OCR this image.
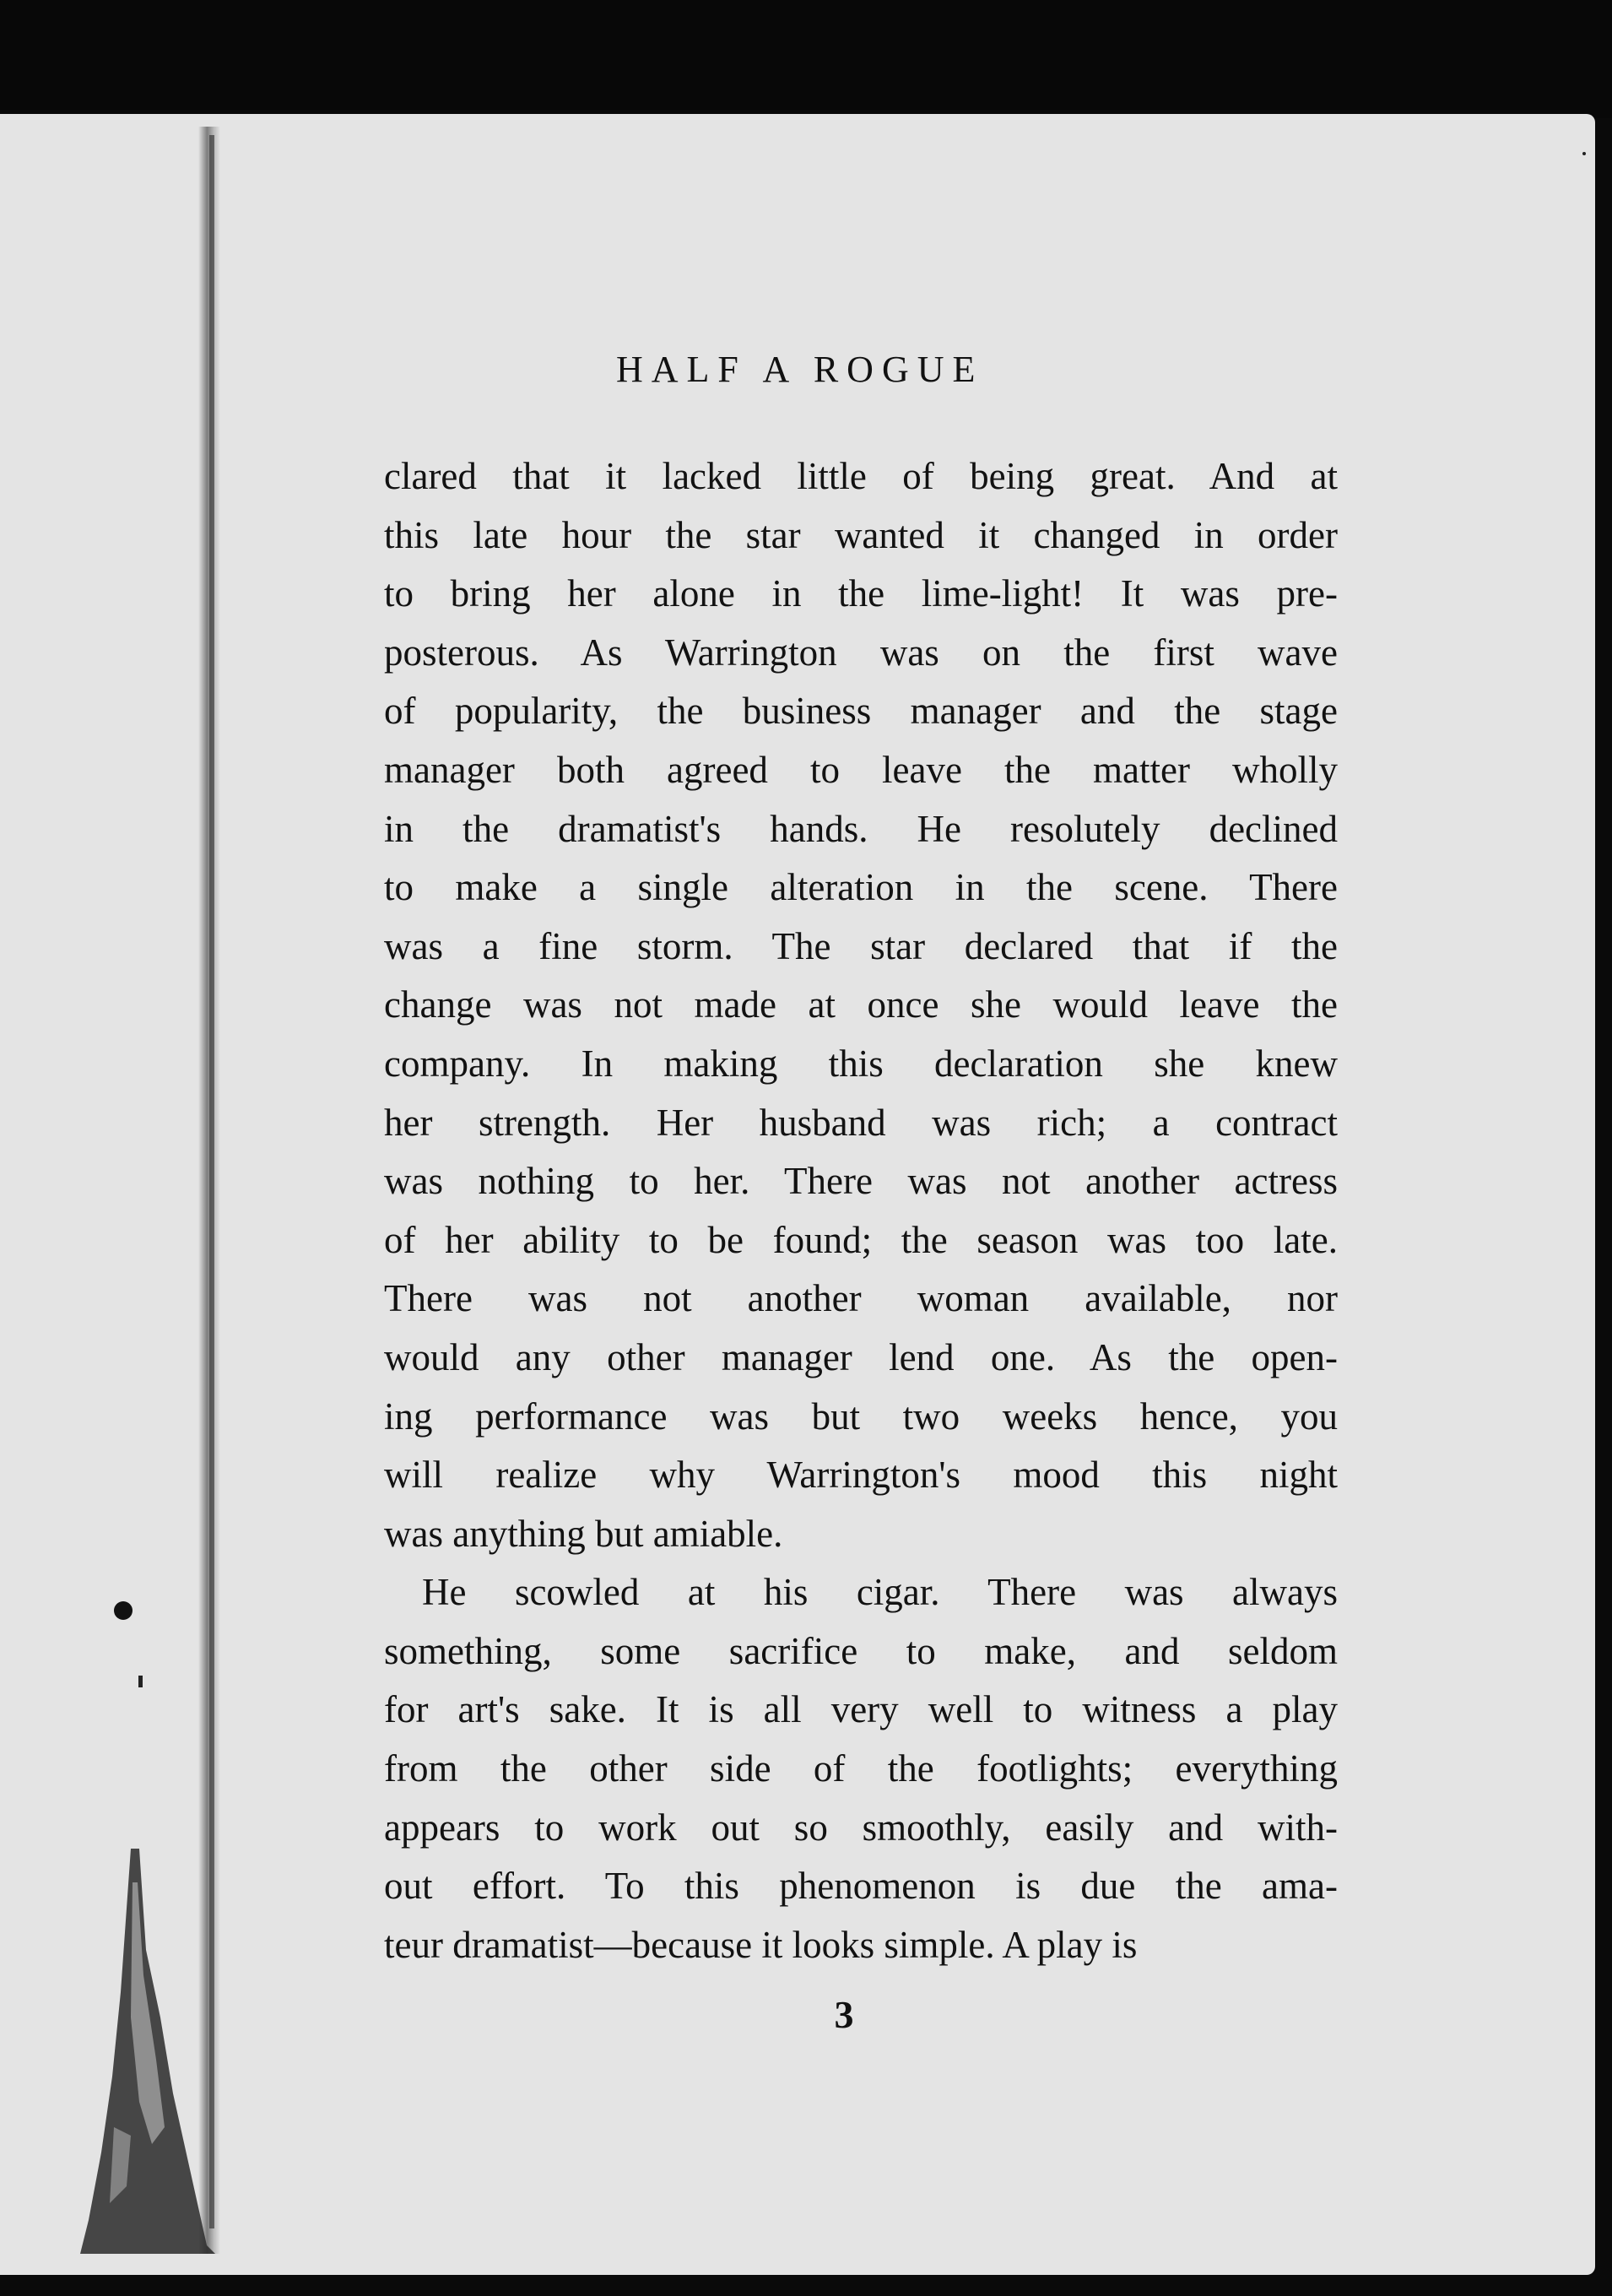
HALF A ROGUE
clared that it lacked little of being great. And at
this late hour the star wanted it changed in order
to bring her alone in the lime-light! It was pre-
posterous. As Warrington was on the first wave
of popularity, the business manager and the stage
manager both agreed to leave the matter wholly
in the dramatist's hands. He resolutely declined
to make a single alteration in the scene. There
was a fine storm. The star declared that if the
change was not made at once she would leave the
company. In making this declaration she knew
her strength. Her husband was rich; a contract
was nothing to her. There was not another actress
of her ability to be found; the season was too late.
There was not another woman available, nor
would any other manager lend one. As the open-
ing performance was but two weeks hence, you
will realize why Warrington's mood this night
was anything but amiable.
He scowled at his cigar. There was always
something, some sacrifice to make, and seldom
for art's sake. It is all very well to witness a play
from the other side of the footlights; everything
appears to work out so smoothly, easily and with-
out effort. To this phenomenon is due the ama-
teur dramatist—because it looks simple. A play is
3
